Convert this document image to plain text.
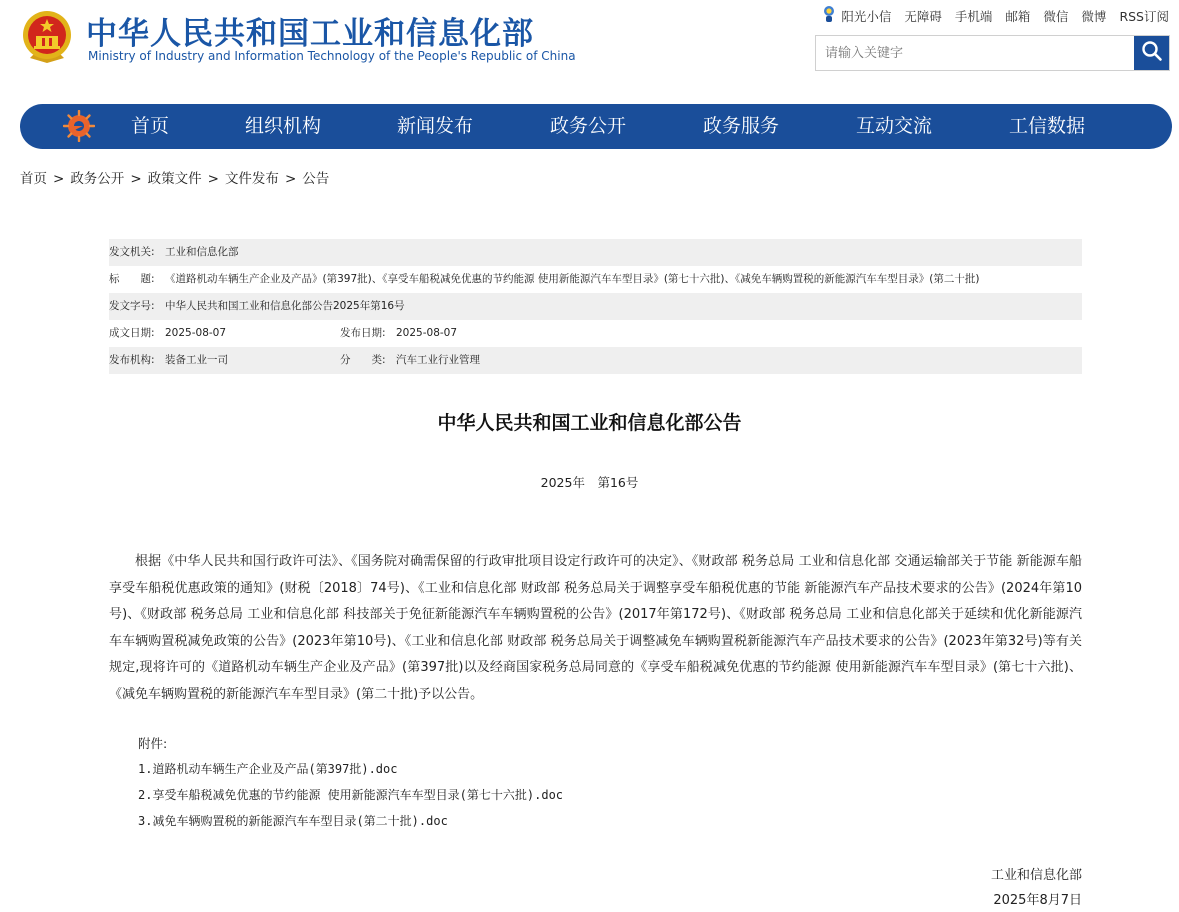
中华人民共和国工业和信息化部
Ministry of Industry and Information Technology of the People's Republic of China
阳光小信 无障碍 手机端 邮箱 微信 微博 RSS订阅
请输入关键字
首页	组织机构	新闻发布	政务公开	政务服务	互动交流	工信数据
首页 > 政务公开 > 政策文件 > 文件发布 > 公告
发文机关: 工业和信息化部
标　　题: 《道路机动车辆生产企业及产品》(第397批)、《享受车船税减免优惠的节约能源 使用新能源汽车车型目录》(第七十六批)、《减免车辆购置税的新能源汽车车型目录》(第二十批)
发文字号: 中华人民共和国工业和信息化部公告2025年第16号
成文日期: 2025-08-07	发布日期: 2025-08-07
发布机构: 装备工业一司	分　　类: 汽车工业行业管理
中华人民共和国工业和信息化部公告
2025年　第16号
根据《中华人民共和国行政许可法》、《国务院对确需保留的行政审批项目设定行政许可的决定》、《财政部 税务总局 工业和信息化部 交通运输部关于节能 新能源车船享受车船税优惠政策的通知》(财税〔2018〕74号)、《工业和信息化部 财政部 税务总局关于调整享受车船税优惠的节能 新能源汽车产品技术要求的公告》(2024年第10号)、《财政部 税务总局 工业和信息化部 科技部关于免征新能源汽车车辆购置税的公告》(2017年第172号)、《财政部 税务总局 工业和信息化部关于延续和优化新能源汽车车辆购置税减免政策的公告》(2023年第10号)、《工业和信息化部 财政部 税务总局关于调整减免车辆购置税新能源汽车产品技术要求的公告》(2023年第32号)等有关规定,现将许可的《道路机动车辆生产企业及产品》(第397批)以及经商国家税务总局同意的《享受车船税减免优惠的节约能源 使用新能源汽车车型目录》(第七十六批)、《减免车辆购置税的新能源汽车车型目录》(第二十批)予以公告。
附件:
1.道路机动车辆生产企业及产品(第397批).doc
2.享受车船税减免优惠的节约能源 使用新能源汽车车型目录(第七十六批).doc
3.减免车辆购置税的新能源汽车车型目录(第二十批).doc
工业和信息化部
2025年8月7日
